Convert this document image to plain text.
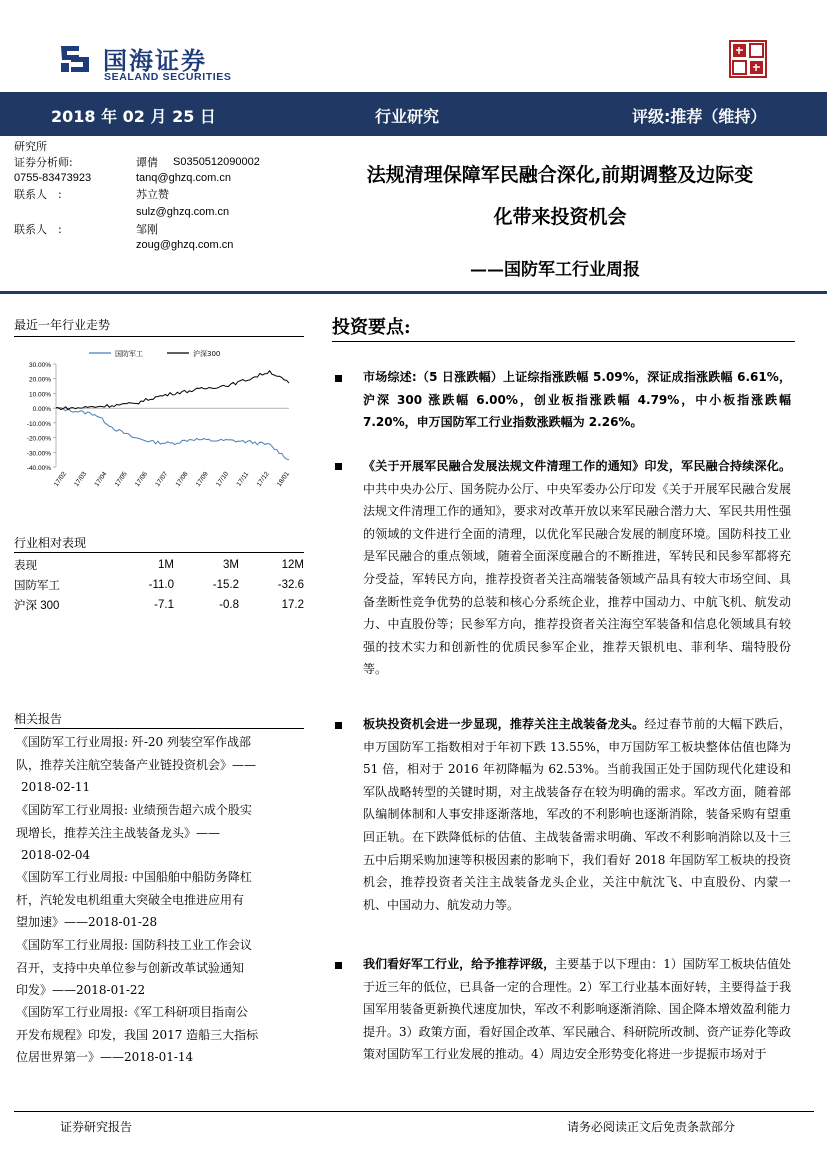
国海证券
SEALAND SECURITIES
2018 年 02 月 25 日	行业研究	评级:推荐（维持）
研究所
证券分析师:	谭倩 S0350512090002
0755-83473923	tanq@ghzq.com.cn
联系人　:	苏立赞
sulz@ghzq.com.cn
联系人　:	邹刚
zoug@ghzq.com.cn
法规清理保障军民融合深化,前期调整及边际变
化带来投资机会
——国防军工行业周报
最近一年行业走势
30.00%
20.00%
10.00%
0.00%
-10.00%
-20.00%
-30.00%
-40.00%
17/02 17/03 17/04 17/05 17/06 17/07 17/08 17/09 17/10 17/11 17/12 18/01
国防军工	沪深300
行业相对表现
表现	1M	3M	12M
国防军工	-11.0	-15.2	-32.6
沪深 300	-7.1	-0.8	17.2
相关报告
《国防军工行业周报: 歼-20 列装空军作战部
队，推荐关注航空装备产业链投资机会》——
2018-02-11
《国防军工行业周报: 业绩预告超六成个股实
现增长，推荐关注主战装备龙头》——
2018-02-04
《国防军工行业周报: 中国船舶中船防务降杠
杆，汽轮发电机组重大突破全电推进应用有
望加速》——2018-01-28
《国防军工行业周报: 国防科技工业工作会议
召开，支持中央单位参与创新改革试验通知
印发》——2018-01-22
《国防军工行业周报:《军工科研项目指南公
开发布规程》印发，我国 2017 造船三大指标
位居世界第一》——2018-01-14
投资要点:
市场综述:（5 日涨跌幅）上证综指涨跌幅 5.09%，深证成指涨跌幅 6.61%，沪深 300 涨跌幅 6.00%，创业板指涨跌幅 4.79%，中小板指涨跌幅 7.20%，申万国防军工行业指数涨跌幅为 2.26%。
《关于开展军民融合发展法规文件清理工作的通知》印发，军民融合持续深化。中共中央办公厅、国务院办公厅、中央军委办公厅印发《关于开展军民融合发展法规文件清理工作的通知》，要求对改革开放以来军民融合潜力大、军民共用性强的领域的文件进行全面的清理，以优化军民融合发展的制度环境。国防科技工业是军民融合的重点领域，随着全面深度融合的不断推进，军转民和民参军都将充分受益，军转民方向，推荐投资者关注高端装备领域产品具有较大市场空间、具备垄断性竞争优势的总装和核心分系统企业，推荐中国动力、中航飞机、航发动力、中直股份等；民参军方向，推荐投资者关注海空军装备和信息化领域具有较强的技术实力和创新性的优质民参军企业，推荐天银机电、菲利华、瑞特股份等。
板块投资机会进一步显现，推荐关注主战装备龙头。经过春节前的大幅下跌后，申万国防军工指数相对于年初下跌 13.55%，申万国防军工板块整体估值也降为 51 倍，相对于 2016 年初降幅为 62.53%。当前我国正处于国防现代化建设和军队战略转型的关键时期，对主战装备存在较为明确的需求。军改方面，随着部队编制体制和人事安排逐渐落地，军改的不利影响也逐渐消除，装备采购有望重回正轨。在下跌降低标的估值、主战装备需求明确、军改不利影响消除以及十三五中后期采购加速等积极因素的影响下，我们看好 2018 年国防军工板块的投资机会，推荐投资者关注主战装备龙头企业，关注中航沈飞、中直股份、内蒙一机、中国动力、航发动力等。
我们看好军工行业，给予推荐评级，主要基于以下理由：1）国防军工板块估值处于近三年的低位，已具备一定的合理性。2）军工行业基本面好转，主要得益于我国军用装备更新换代速度加快，军改不利影响逐渐消除、国企降本增效盈利能力提升。3）政策方面，看好国企改革、军民融合、科研院所改制、资产证券化等政策对国防军工行业发展的推动。4）周边安全形势变化将进一步提振市场对于
证券研究报告	请务必阅读正文后免责条款部分
